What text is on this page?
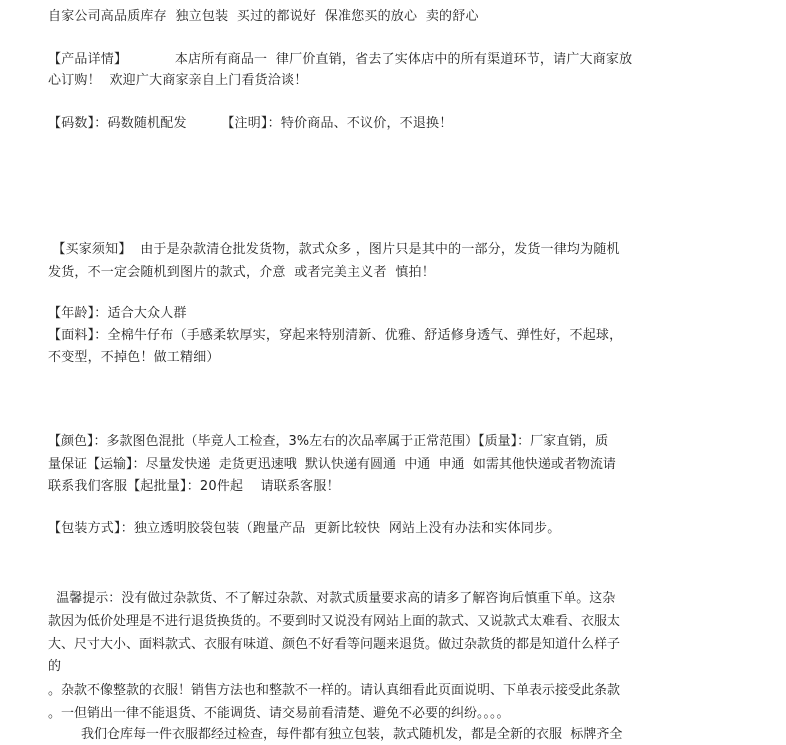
自家公司高品质库存  独立包装  买过的都说好  保准您买的放心  卖的舒心
【产品详情】           本店所有商品一  律厂价直销，省去了实体店中的所有渠道环节，请广大商家放
心订购！  欢迎广大商家亲自上门看货洽谈！
【码数】：码数随机配发        【注明】：特价商品、不议价，不退换！
【买家须知】  由于是杂款清仓批发货物，款式众多 ，图片只是其中的一部分，发货一律均为随机
发货，不一定会随机到图片的款式，介意  或者完美主义者  慎拍！
【年龄】：适合大众人群
【面料】：全棉牛仔布（手感柔软厚实，穿起来特别清新、优雅、舒适修身透气、弹性好，不起球，
不变型，不掉色！做工精细）
【颜色】：多款图色混批（毕竟人工检查，3%左右的次品率属于正常范围）【质量】：厂家直销，质
量保证【运输】：尽量发快递  走货更迅速哦  默认快递有圆通  中通  申通  如需其他快递或者物流请
联系我们客服【起批量】：20件起    请联系客服！
【包装方式】：独立透明胶袋包装（跑量产品  更新比较快  网站上没有办法和实体同步。
温馨提示：没有做过杂款货、不了解过杂款、对款式质量要求高的请多了解咨询后慎重下单。这杂
款因为低价处理是不进行退货换货的。不要到时又说没有网站上面的款式、又说款式太难看、衣服太
大、尺寸大小、面料款式、衣服有味道、颜色不好看等问题来退货。做过杂款货的都是知道什么样子
的
。杂款不像整款的衣服！销售方法也和整款不一样的。请认真细看此页面说明、下单表示接受此条款
。一但销出一律不能退货、不能调货、请交易前看清楚、避免不必要的纠纷。。。。
我们仓库每一件衣服都经过检查，每件都有独立包装，款式随机发，都是全新的衣服  标牌齐全
